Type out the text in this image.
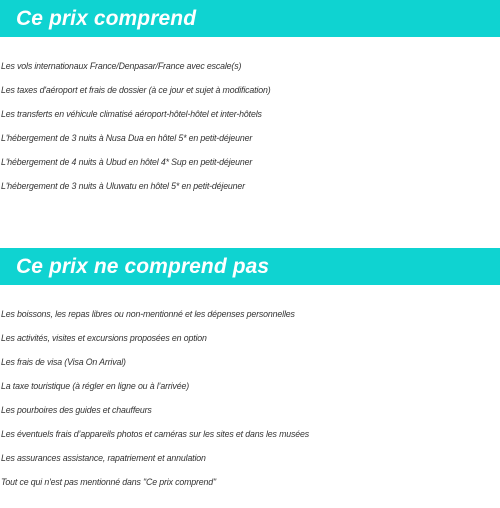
Ce prix comprend
Les vols internationaux France/Denpasar/France avec escale(s)
Les taxes d'aéroport et frais de dossier (à ce jour et sujet à modification)
Les transferts en véhicule climatisé aéroport-hôtel-hôtel et inter-hôtels
L'hébergement de 3 nuits à Nusa Dua en hôtel 5* en petit-déjeuner
L'hébergement de 4 nuits à Ubud en hôtel 4* Sup en petit-déjeuner
L'hébergement de 3 nuits à Uluwatu en hôtel 5* en petit-déjeuner
Ce prix ne comprend pas
Les boissons, les repas libres ou non-mentionné et les dépenses personnelles
Les activités, visites et excursions proposées en option
Les frais de visa (Visa On Arrival)
La taxe touristique (à régler en ligne ou à l’arrivée)
Les pourboires des guides et chauffeurs
Les éventuels frais d’appareils photos et caméras sur les sites et dans les musées
Les assurances assistance, rapatriement et annulation
Tout ce qui n'est pas mentionné dans "Ce prix comprend"
